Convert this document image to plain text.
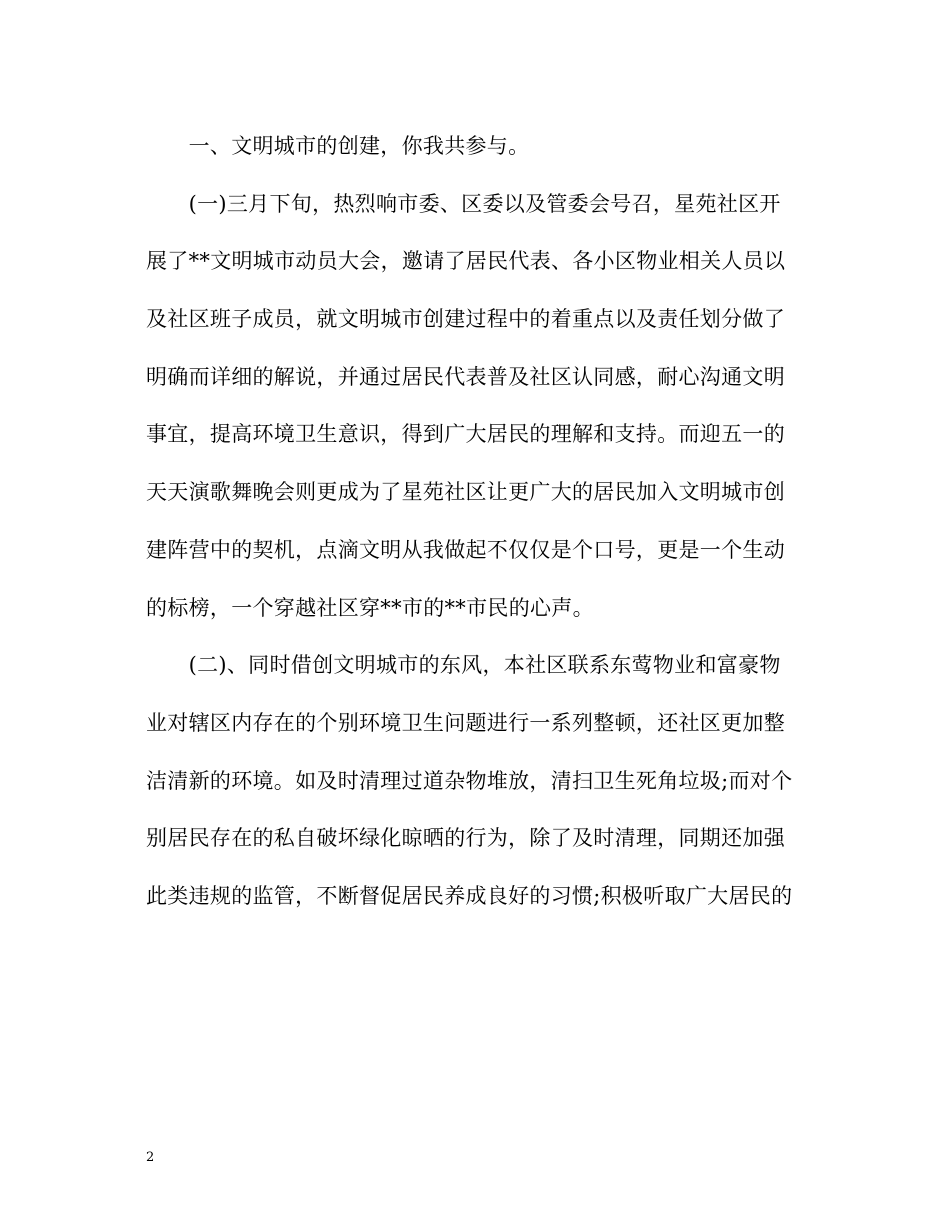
　　一、文明城市的创建，你我共参与。
　　(一)三月下旬，热烈响市委、区委以及管委会号召，星苑社区开
展了**文明城市动员大会，邀请了居民代表、各小区物业相关人员以
及社区班子成员，就文明城市创建过程中的着重点以及责任划分做了
明确而详细的解说，并通过居民代表普及社区认同感，耐心沟通文明
事宜，提高环境卫生意识，得到广大居民的理解和支持。而迎五一的
天天演歌舞晚会则更成为了星苑社区让更广大的居民加入文明城市创
建阵营中的契机，点滴文明从我做起不仅仅是个口号，更是一个生动
的标榜，一个穿越社区穿**市的**市民的心声。
　　(二)、同时借创文明城市的东风，本社区联系东莺物业和富豪物
业对辖区内存在的个别环境卫生问题进行一系列整顿，还社区更加整
洁清新的环境。如及时清理过道杂物堆放，清扫卫生死角垃圾;而对个
别居民存在的私自破坏绿化晾晒的行为，除了及时清理，同期还加强
此类违规的监管，不断督促居民养成良好的习惯;积极听取广大居民的
2
